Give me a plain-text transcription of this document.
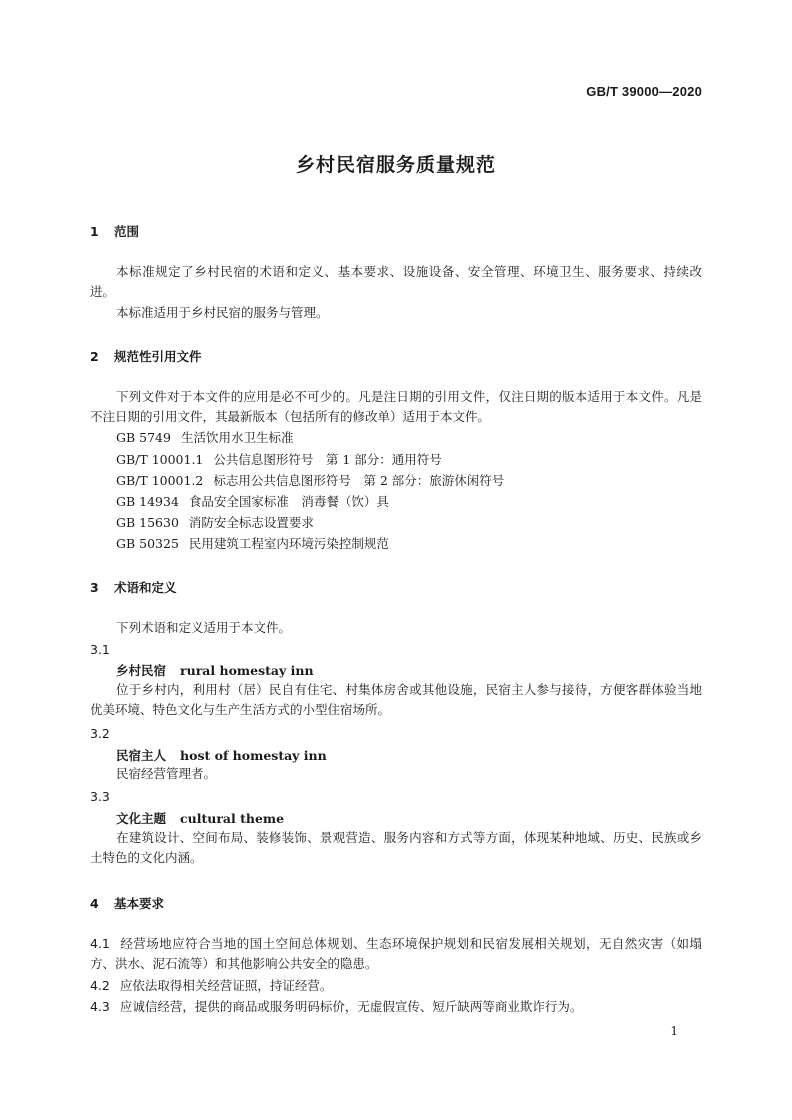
GB/T 39000—2020
乡村民宿服务质量规范
1 范围
本标准规定了乡村民宿的术语和定义、基本要求、设施设备、安全管理、环境卫生、服务要求、持续改进。
本标准适用于乡村民宿的服务与管理。
2 规范性引用文件
下列文件对于本文件的应用是必不可少的。凡是注日期的引用文件，仅注日期的版本适用于本文件。凡是不注日期的引用文件，其最新版本（包括所有的修改单）适用于本文件。
GB 5749 生活饮用水卫生标准
GB/T 10001.1 公共信息图形符号　第 1 部分：通用符号
GB/T 10001.2 标志用公共信息图形符号　第 2 部分：旅游休闲符号
GB 14934 食品安全国家标准　消毒餐（饮）具
GB 15630 消防安全标志设置要求
GB 50325 民用建筑工程室内环境污染控制规范
3 术语和定义
下列术语和定义适用于本文件。
3.1
乡村民宿 rural homestay inn
位于乡村内，利用村（居）民自有住宅、村集体房舍或其他设施，民宿主人参与接待，方便客群体验当地优美环境、特色文化与生产生活方式的小型住宿场所。
3.2
民宿主人 host of homestay inn
民宿经营管理者。
3.3
文化主题 cultural theme
在建筑设计、空间布局、装修装饰、景观营造、服务内容和方式等方面，体现某种地域、历史、民族或乡土特色的文化内涵。
4 基本要求
4.1 经营场地应符合当地的国土空间总体规划、生态环境保护规划和民宿发展相关规划，无自然灾害（如塌方、洪水、泥石流等）和其他影响公共安全的隐患。
4.2 应依法取得相关经营证照，持证经营。
4.3 应诚信经营，提供的商品或服务明码标价，无虚假宣传、短斤缺两等商业欺诈行为。
1
